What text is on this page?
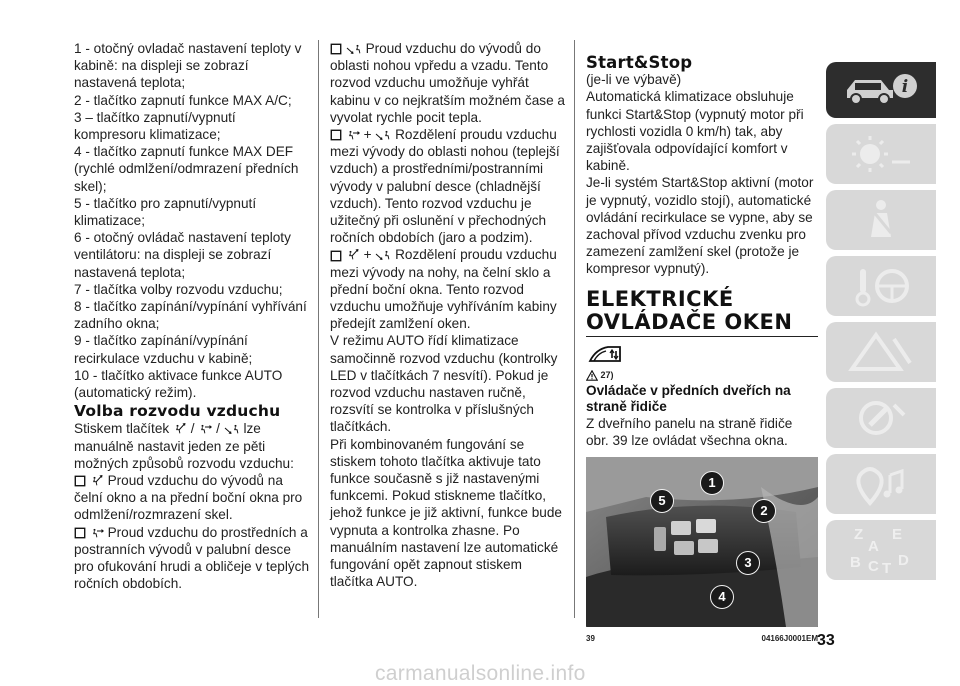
1 - otočný ovladač nastavení teploty v kabině: na displeji se zobrazí nastavená teplota;

2 - tlačítko zapnutí funkce MAX A/C;

3 – tlačítko zapnutí/vypnutí kompresoru klimatizace;

4 - tlačítko zapnutí funkce MAX DEF (rychlé odmlžení/odmrazení předních skel);

5 - tlačítko pro zapnutí/vypnutí klimatizace;

6 - otočný ovládač nastavení teploty ventilátoru: na displeji se zobrazí nastavená teplota;

7 - tlačítka volby rozvodu vzduchu;

8 - tlačítko zapínání/vypínání vyhřívání zadního okna;

9 - tlačítko zapínání/vypínání recirkulace vzduchu v kabině;

10 - tlačítko aktivace funkce AUTO (automatický režim).

Volba rozvodu vzduchu

Stiskem tlačítek / / lze manuálně nastavit jeden ze pěti možných způsobů rozvodu vzduchu:

Proud vzduchu do vývodů na čelní okno a na přední boční okna pro odmlžení/rozmrazení skel.

Proud vzduchu do prostředních a postranních výv​odů v palubní desce pro ofukování hrudi a obličeje v teplých ročních obdobích.

Proud vzduchu do výv​odů do oblasti nohou vpředu a vzadu. Tento rozvod vzduchu umožňuje vyhřát kabinu v co nejkratším možném čase a vyvolat rychle pocit tepla.

+ Rozdělení proudu vzduchu mezi výv​ody do oblasti nohou (teplejší vzduch) a prostředními/postranními výv​ody v palubní desce (chladnější vzduch). Tento rozvod vzduchu je užitečný při oslunění v přechodných ročních obdobích (jaro a podzim).

+ Rozdělení proudu vzduchu mezi výv​ody na nohy, na čelní sklo a přední boční okna. Tento rozvod vzduchu umožňuje vyhříváním kabiny předejít zamlžení oken.

V režimu AUTO řídí klimatizace samočinně rozvod vzduchu (kontrolky LED v tlačítkách 7 nesvítí). Pokud je rozvod vzduchu nastaven ručně, rozsvítí se kontrolka v příslušných tlačítkách.

Při kombinovaném fungování se stiskem tohoto tlačítka aktivuje tato funkce současně s již nastavenými funkcemi. Pokud stiskneme tlačítko, jehož funkce je již aktivní, funkce bude vypnuta a kontrolka zhasne. Po manuálním nastavení lze automatické fungování opět zapnout stiskem tlačítka AUTO.

Start&Stop

(je-li ve výbavě)

Automatická klimatizace obsluhuje funkci Start&Stop (vypnutý motor při rychlosti vozidla 0 km/h) tak, aby zajišťovala odpovídající komfort v kabině.

Je-li systém Start&Stop aktivní (motor je vypnutý, vozidlo stojí), automatické ovládání recirkulace se vypne, aby se zachoval přívod vzduchu zvenku pro zamezení zamlžení skel (protože je kompresor vypnutý).

ELEKTRICKÉ
OVLÁDAČE OKEN
27)
Ovládače v předních dveřích na straně řidiče

Z dveřního panelu na straně řidiče obr. 39 lze ovládat všechna okna.

1
2
3
4
5
39	04166J0001EM
i
Z E
A
B C D
T
33
carmanualsonline.info
